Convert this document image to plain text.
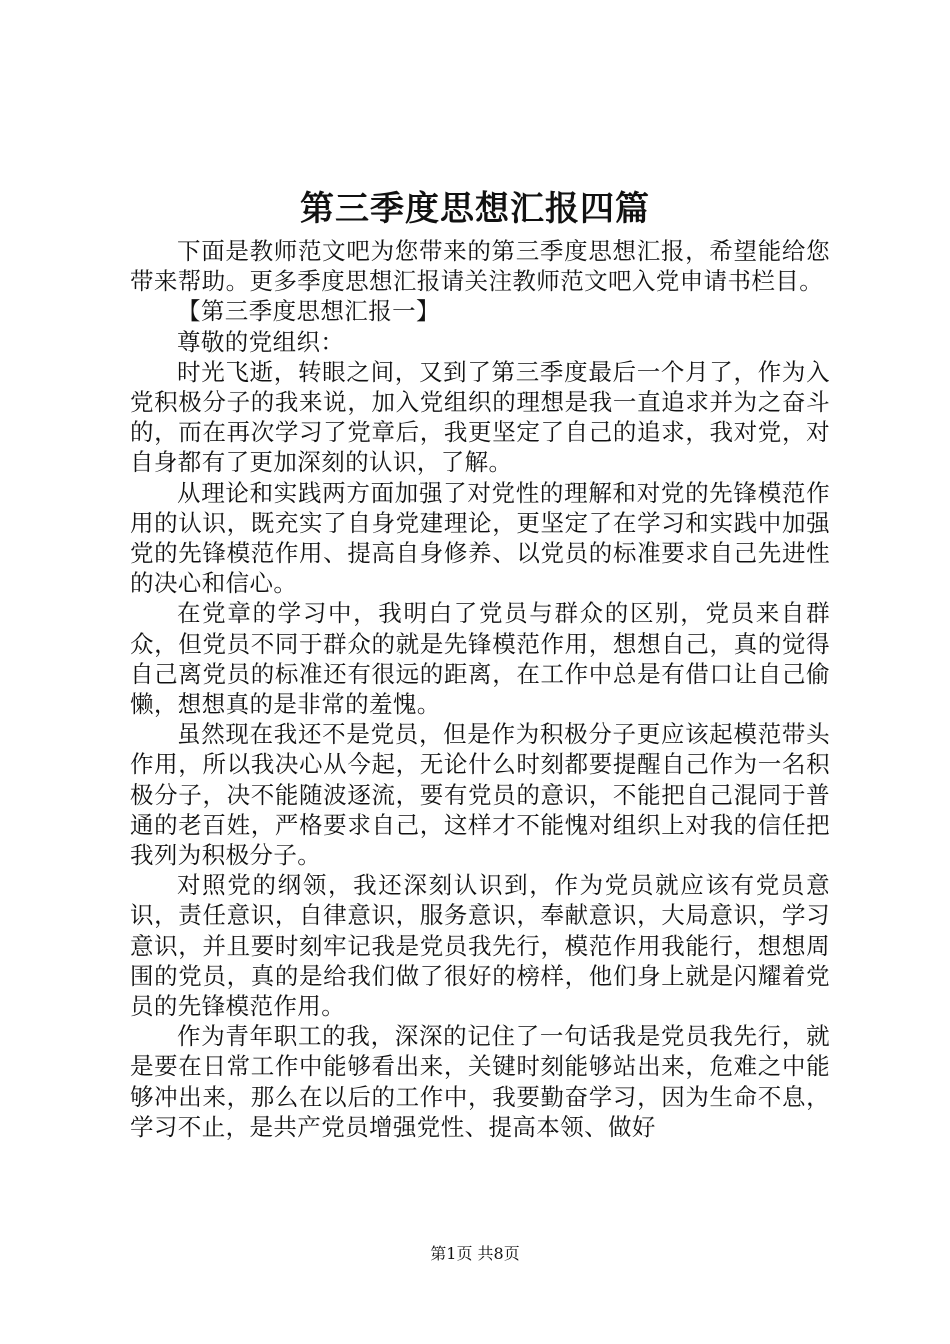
第三季度思想汇报四篇

下面是教师范文吧为您带来的第三季度思想汇报，希望能给您带来帮助。更多季度思想汇报请关注教师范文吧入党申请书栏目。

【第三季度思想汇报一】

尊敬的党组织：

时光飞逝，转眼之间，又到了第三季度最后一个月了，作为入党积极分子的我来说，加入党组织的理想是我一直追求并为之奋斗的，而在再次学习了党章后，我更坚定了自己的追求，我对党，对自身都有了更加深刻的认识，了解。

从理论和实践两方面加强了对党性的理解和对党的先锋模范作用的认识，既充实了自身党建理论，更坚定了在学习和实践中加强党的先锋模范作用、提高自身修养、以党员的标准要求自己先进性的决心和信心。

在党章的学习中，我明白了党员与群众的区别，党员来自群众，但党员不同于群众的就是先锋模范作用，想想自己，真的觉得自己离党员的标准还有很远的距离，在工作中总是有借口让自己偷懒，想想真的是非常的羞愧。

虽然现在我还不是党员，但是作为积极分子更应该起模范带头作用，所以我决心从今起，无论什么时刻都要提醒自己作为一名积极分子，决不能随波逐流，要有党员的意识，不能把自己混同于普通的老百姓，严格要求自己，这样才不能愧对组织上对我的信任把我列为积极分子。

对照党的纲领，我还深刻认识到，作为党员就应该有党员意识，责任意识，自律意识，服务意识，奉献意识，大局意识，学习意识，并且要时刻牢记我是党员我先行，模范作用我能行，想想周围的党员，真的是给我们做了很好的榜样，他们身上就是闪耀着党员的先锋模范作用。

作为青年职工的我，深深的记住了一句话我是党员我先行，就是要在日常工作中能够看出来，关键时刻能够站出来，危难之中能够冲出来，那么在以后的工作中，我要勤奋学习，因为生命不息，学习不止，是共产党员增强党性、提高本领、做好

第1页 共8页
